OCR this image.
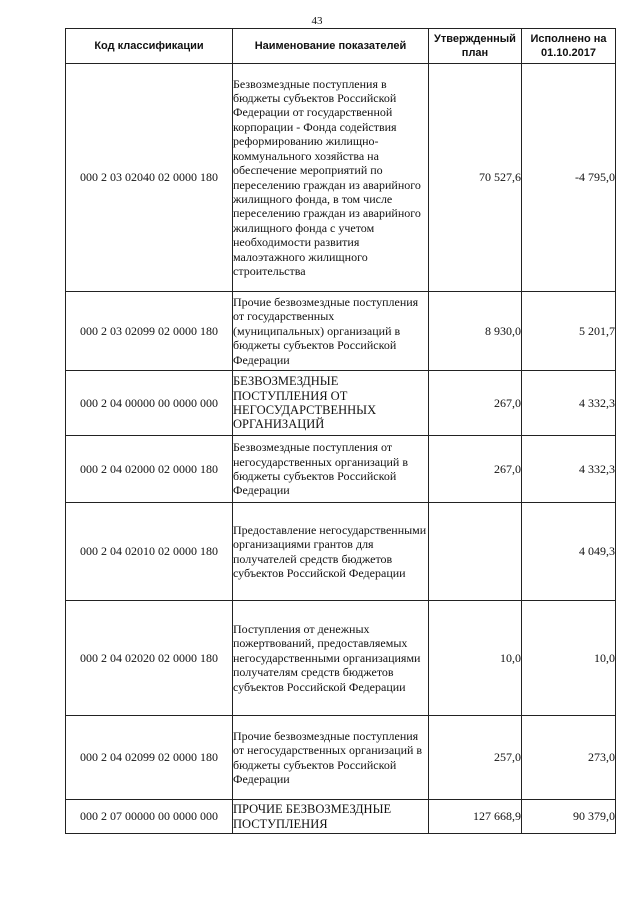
43
Код классификации	Наименование показателей	Утвержденный план	Исполнено на 01.10.2017
000 2 03 02040 02 0000 180	Безвозмездные поступления в бюджеты субъектов Российской Федерации от государственной корпорации - Фонда содействия реформированию жилищно-коммунального хозяйства на обеспечение мероприятий по переселению граждан из аварийного жилищного фонда, в том числе переселению граждан из аварийного жилищного фонда с учетом необходимости развития малоэтажного жилищного строительства	70 527,6	-4 795,0
000 2 03 02099 02 0000 180	Прочие безвозмездные поступления от государственных (муниципальных) организаций в бюджеты субъектов Российской Федерации	8 930,0	5 201,7
000 2 04 00000 00 0000 000	БЕЗВОЗМЕЗДНЫЕ ПОСТУПЛЕНИЯ ОТ НЕГОСУДАРСТВЕННЫХ ОРГАНИЗАЦИЙ	267,0	4 332,3
000 2 04 02000 02 0000 180	Безвозмездные поступления от негосударственных организаций в бюджеты субъектов Российской Федерации	267,0	4 332,3
000 2 04 02010 02 0000 180	Предоставление негосударственными организациями грантов для получателей средств бюджетов субъектов Российской Федерации		4 049,3
000 2 04 02020 02 0000 180	Поступления от денежных пожертвований, предоставляемых негосударственными организациями получателям средств бюджетов субъектов Российской Федерации	10,0	10,0
000 2 04 02099 02 0000 180	Прочие безвозмездные поступления от негосударственных организаций в бюджеты субъектов Российской Федерации	257,0	273,0
000 2 07 00000 00 0000 000	ПРОЧИЕ БЕЗВОЗМЕЗДНЫЕ ПОСТУПЛЕНИЯ	127 668,9	90 379,0
